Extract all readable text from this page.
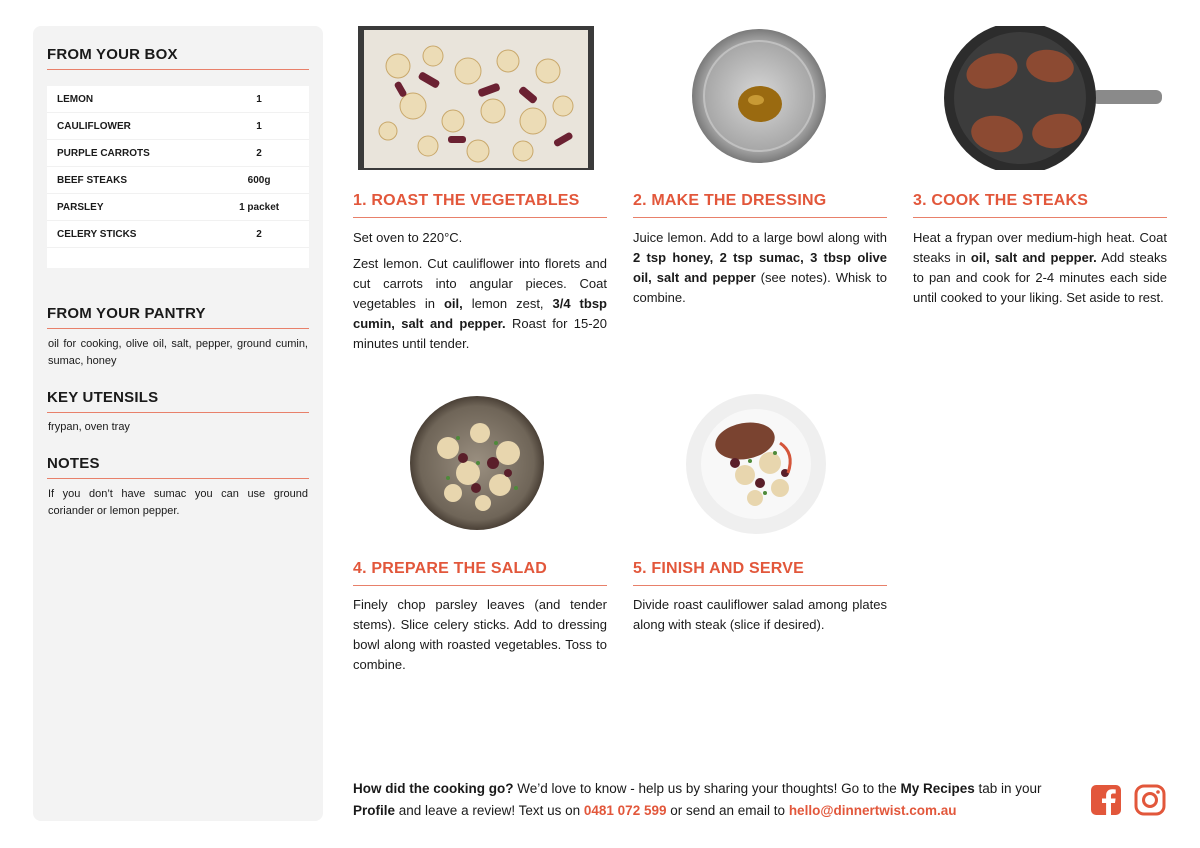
FROM YOUR BOX
LEMON	1
CAULIFLOWER	1
PURPLE CARROTS	2
BEEF STEAKS	600g
PARSLEY	1 packet
CELERY STICKS	2
FROM YOUR PANTRY
oil for cooking, olive oil, salt, pepper, ground cumin, sumac, honey
KEY UTENSILS
frypan, oven tray
NOTES
If you don’t have sumac you can use ground coriander or lemon pepper.
1. ROAST THE VEGETABLES

Set oven to 220°C.

Zest lemon. Cut cauliflower into florets and cut carrots into angular pieces. Coat vegetables in oil, lemon zest, 3/4 tbsp cumin, salt and pepper. Roast for 15-20 minutes until tender.

2. MAKE THE DRESSING

Juice lemon. Add to a large bowl along with 2 tsp honey, 2 tsp sumac, 3 tbsp olive oil, salt and pepper (see notes). Whisk to combine.

3. COOK THE STEAKS

Heat a frypan over medium-high heat. Coat steaks in oil, salt and pepper. Add steaks to pan and cook for 2-4 minutes each side until cooked to your liking. Set aside to rest.

4. PREPARE THE SALAD

Finely chop parsley leaves (and tender stems). Slice celery sticks. Add to dressing bowl along with roasted vegetables. Toss to combine.

5. FINISH AND SERVE

Divide roast cauliflower salad among plates along with steak (slice if desired).

How did the cooking go? We’d love to know - help us by sharing your thoughts! Go to the My Recipes tab in your Profile and leave a review! Text us on 0481 072 599 or send an email to hello@dinnertwist.com.au
